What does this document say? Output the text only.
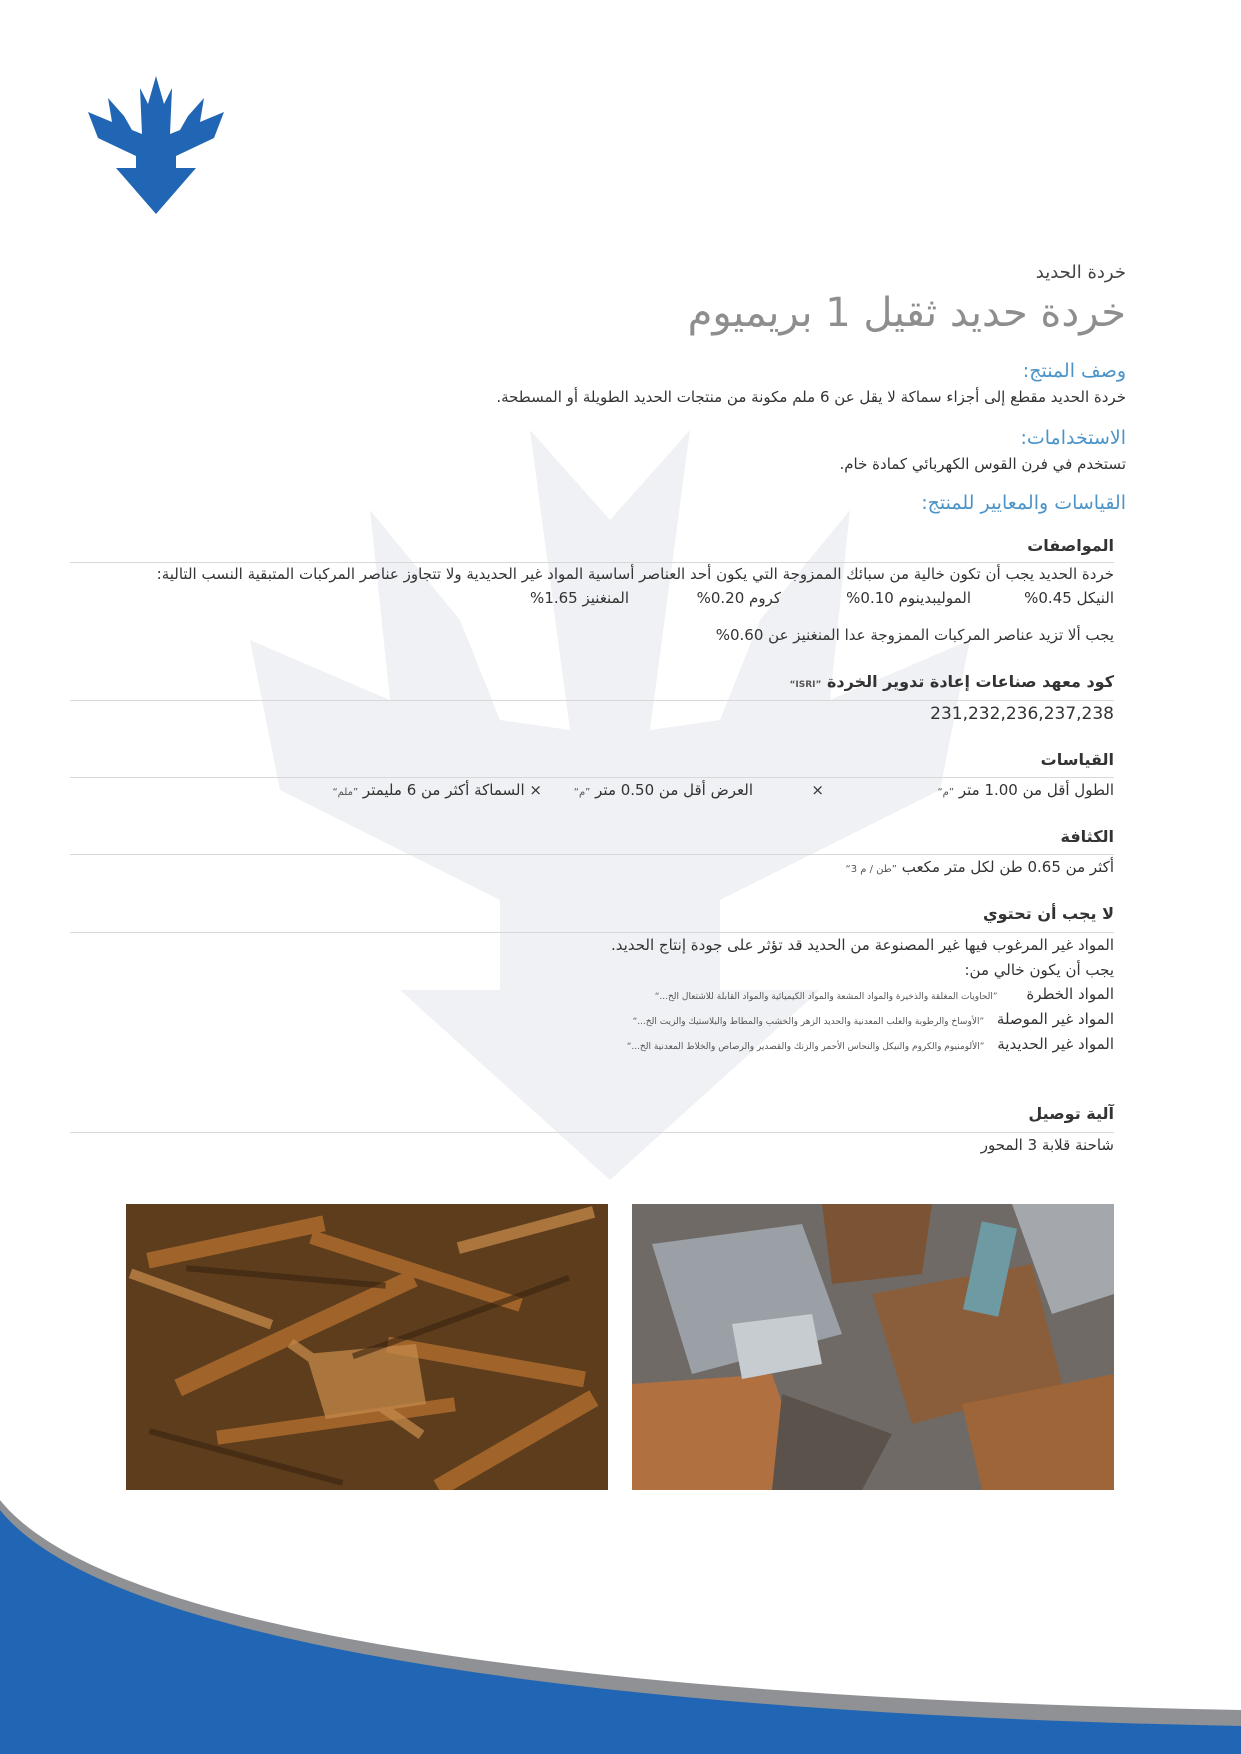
خردة الحديد
خردة حديد ثقيل 1 بريميوم
وصف المنتج:
خردة الحديد مقطع إلى أجزاء سماكة لا يقل عن 6 ملم مكونة من منتجات الحديد الطويلة أو المسطحة.
الاستخدامات:
تستخدم في فرن القوس الكهربائي كمادة خام.
القياسات والمعايير للمنتج:
المواصفات
خردة الحديد يجب أن تكون خالية من سبائك الممزوجة التي يكون أحد العناصر أساسية المواد غير الحديدية ولا تتجاوز عناصر المركبات المتبقية النسب التالية:
النيكل 0.45%
الموليبدينوم 0.10%
كروم 0.20%
المنغنيز 1.65%
يجب ألا تزيد عناصر المركبات الممزوجة عدا المنغنيز عن 0.60%
كود معهد صناعات إعادة تدوير الخردة ”ISRI“
231,232,236,237,238
القياسات
الطول أقل من 1.00 متر ”م“
×
العرض أقل من 0.50 متر ”م“
× السماكة أكثر من 6 مليمتر ”ملم“
الكثافة
أكثر من 0.65 طن لكل متر مكعب ”طن / م 3“
لا يجب أن تحتوي
المواد غير المرغوب فيها غير المصنوعة من الحديد قد تؤثر على جودة إنتاج الحديد.
يجب أن يكون خالي من:
المواد الخطرة ”الحاويات المغلقة والذخيرة والمواد المشعة والمواد الكيميائية والمواد القابلة للاشتعال الخ...“
المواد غير الموصلة ”الأوساخ والرطوبة والعلب المعدنية والحديد الزهر والخشب والمطاط والبلاستيك والزيت الخ...“
المواد غير الحديدية ”الألومنيوم والكروم والنيكل والنحاس الأحمر والزنك والقصدير والرصاص والخلاط المعدنية الخ...“
آلية توصيل
شاحنة قلابة 3 المحور
